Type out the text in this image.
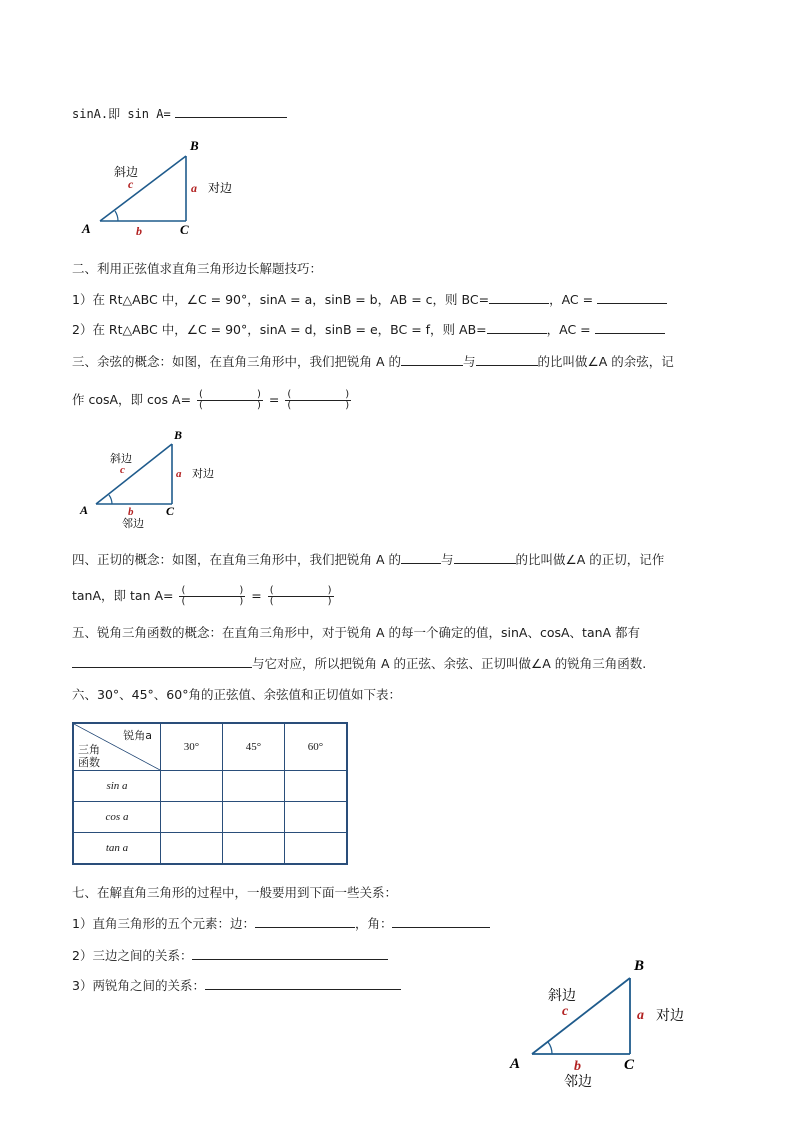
sinA.即 sin A=
B
A	C
a
b
c
斜边
对边
二、利用正弦值求直角三角形边长解题技巧：
1）在 Rt△ABC 中，∠C = 90°，sinA = a，sinB = b，AB = c，则 BC=	，AC =
2）在 Rt△ABC 中，∠C = 90°，sinA = d，sinB = e，BC = f，则 AB=	，AC =
三、余弦的概念：如图，在直角三角形中，我们把锐角 A 的	与	的比叫做∠A 的余弦，记
作 cosA，即 cos A= (	)
(	) = (	)
(	)
B
A	C
a
b
c
斜边
对边
邻边
四、正切的概念：如图，在直角三角形中，我们把锐角 A 的	与	的比叫做∠A 的正切，记作
tanA，即 tan A= (	)
(	) = (	)
(	)
五、锐角三角函数的概念：在直角三角形中，对于锐角 A 的每一个确定的值，sinA、cosA、tanA 都有
与它对应，所以把锐角 A 的正弦、余弦、正切叫做∠A 的锐角三角函数.
六、30°、45°、60°角的正弦值、余弦值和正切值如下表：
锐角a
三角
函数	30°	45°	60°
sin a			
cos a			
tan a			
七、在解直角三角形的过程中，一般要用到下面一些关系：
1）直角三角形的五个元素：边：	，角：
2）三边之间的关系：
3）两锐角之间的关系：
B
A	C
a
b
c
斜边
对边
邻边
